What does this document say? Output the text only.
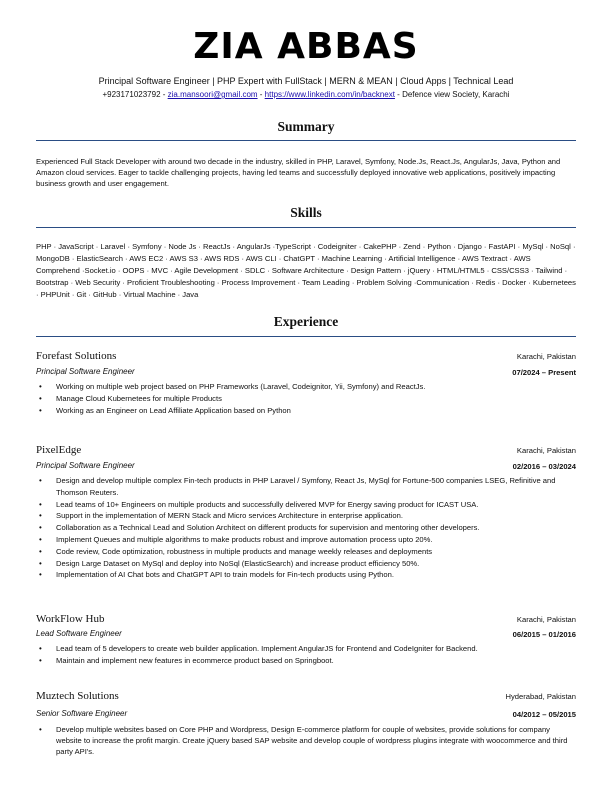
ZIA ABBAS
Principal Software Engineer | PHP Expert with FullStack | MERN & MEAN | Cloud Apps | Technical Lead
+923171023792 - zia.mansoori@gmail.com - https://www.linkedin.com/in/backnext - Defence view Society, Karachi
Summary
Experienced Full Stack Developer with around two decade in the industry, skilled in PHP, Laravel, Symfony, Node.Js, React.Js, AngularJs, Java, Python and Amazon cloud services. Eager to tackle challenging projects, having led teams and successfully deployed innovative web applications, positively impacting business growth and user engagement.
Skills
PHP · JavaScript · Laravel · Symfony · Node Js · ReactJs · AngularJs ·TypeScript · Codeigniter · CakePHP · Zend · Python · Django · FastAPI · MySql · NoSql · MongoDB · ElasticSearch · AWS EC2 · AWS S3 · AWS RDS · AWS CLI · ChatGPT · Machine Learning · Artificial Intelligence · AWS Textract · AWS Comprehend ·Socket.io · OOPS · MVC · Agile Development · SDLC · Software Architecture · Design Pattern · jQuery · HTML/HTML5 · CSS/CSS3 · Tailwind · Bootstrap · Web Security · Proficient Troubleshooting · Process Improvement · Team Leading · Problem Solving ·Communication · Redis · Docker · Kubernetees · PHPUnit · Git · GitHub · Virtual Machine · Java
Experience
Forefast Solutions	Karachi, Pakistan
Principal Software Engineer	07/2024 – Present
• Working on multiple web project based on PHP Frameworks (Laravel, Codeignitor, Yii, Symfony) and ReactJs.
• Manage Cloud Kubernetees for multiple Products
• Working as an Engineer on Lead Affiliate Application based on Python
PixelEdge	Karachi, Pakistan
Principal Software Engineer	02/2016 – 03/2024
• Design and develop multiple complex Fin-tech products in PHP Laravel / Symfony, React Js, MySql for Fortune-500 companies LSEG, Refinitive and Thomson Reuters.
• Lead teams of 10+ Engineers on multiple products and successfully delivered MVP for Energy saving product for ICAST USA.
• Support in the implementation of MERN Stack and Micro services Architecture in enterprise application.
• Collaboration as a Technical Lead and Solution Architect on different products for supervision and mentoring other developers.
• Implement Queues and multiple algorithms to make products robust and improve automation process upto 20%.
• Code review, Code optimization, robustness in multiple products and manage weekly releases and deployments
• Design Large Dataset on MySql and deploy into NoSql (ElasticSearch) and increase product efficiency 50%.
• Implementation of AI Chat bots and ChatGPT API to train models for Fin-tech products using Python.
WorkFlow Hub	Karachi, Pakistan
Lead Software Engineer	06/2015 – 01/2016
• Lead team of 5 developers to create web builder application. Implement AngularJS for Frontend and CodeIgniter for Backend.
• Maintain and implement new features in ecommerce product based on Springboot.
Muztech Solutions	Hyderabad, Pakistan
Senior Software Engineer	04/2012 – 05/2015
• Develop multiple websites based on Core PHP and Wordpress, Design E-commerce platform for couple of websites, provide solutions for company website to increase the profit margin. Create jQuery based SAP website and develop couple of wordpress plugins integrate with woocommerce and third party API's.
